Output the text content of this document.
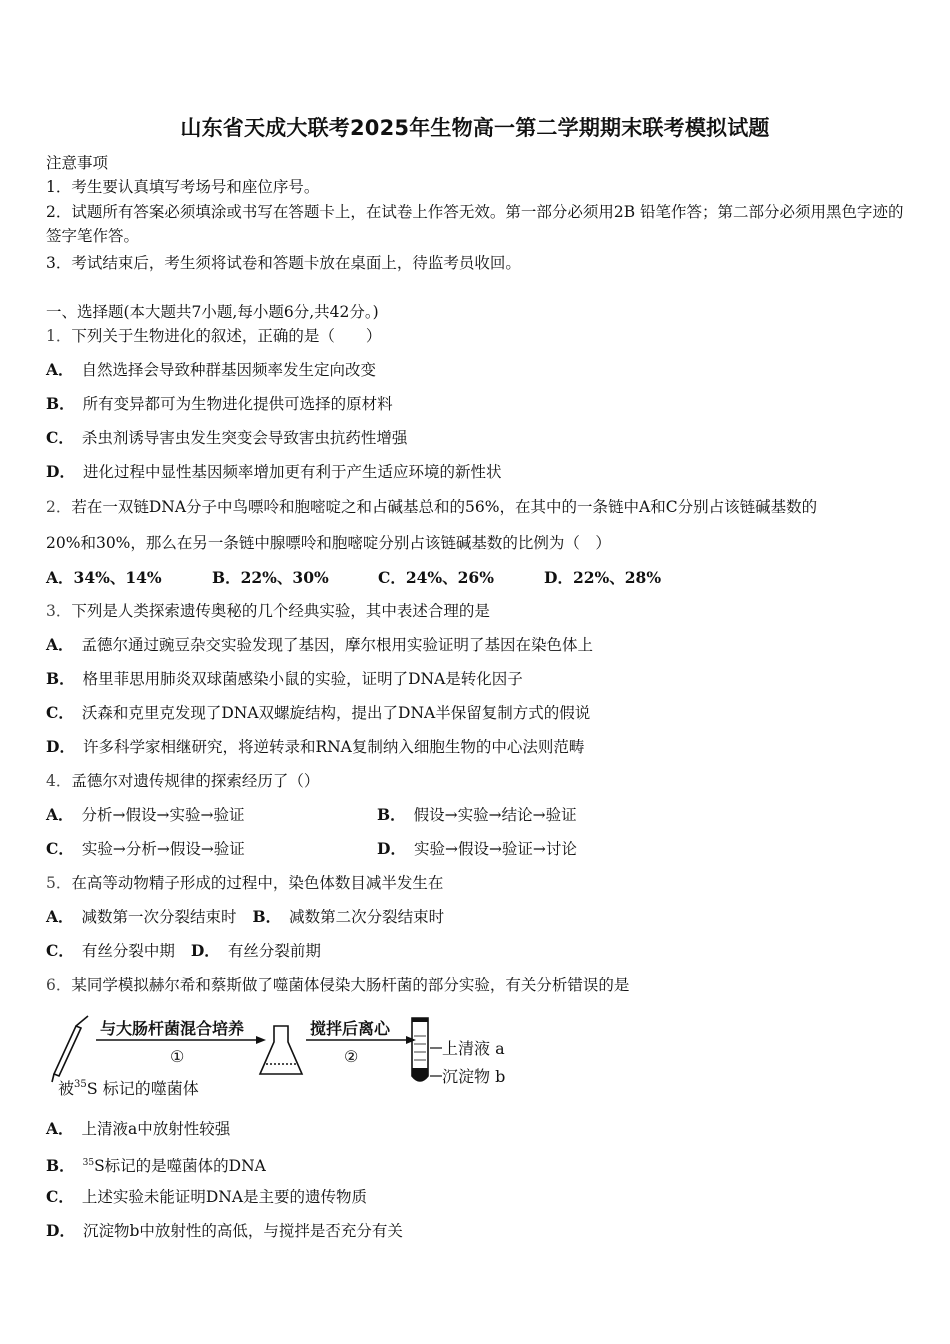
山东省天成大联考2025年生物高一第二学期期末联考模拟试题
注意事项
1．考生要认真填写考场号和座位序号。
2．试题所有答案必须填涂或书写在答题卡上，在试卷上作答无效。第一部分必须用2B 铅笔作答；第二部分必须用黑色字迹的签字笔作答。
3．考试结束后，考生须将试卷和答题卡放在桌面上，待监考员收回。
一、选择题(本大题共7小题,每小题6分,共42分。)
1．下列关于生物进化的叙述，正确的是（　　）
A． 自然选择会导致种群基因频率发生定向改变
B． 所有变异都可为生物进化提供可选择的原材料
C． 杀虫剂诱导害虫发生突变会导致害虫抗药性增强
D． 进化过程中显性基因频率增加更有利于产生适应环境的新性状
2．若在一双链DNA分子中鸟嘌呤和胞嘧啶之和占碱基总和的56%，在其中的一条链中A和C分别占该链碱基数的
20%和30%，那么在另一条链中腺嘌呤和胞嘧啶分别占该链碱基数的比例为（　）
A．34%、14%	B．22%、30%	C．24%、26%	D．22%、28%
3．下列是人类探索遗传奥秘的几个经典实验，其中表述合理的是
A． 孟德尔通过豌豆杂交实验发现了基因，摩尔根用实验证明了基因在染色体上
B． 格里菲思用肺炎双球菌感染小鼠的实验，证明了DNA是转化因子
C． 沃森和克里克发现了DNA双螺旋结构，提出了DNA半保留复制方式的假说
D． 许多科学家相继研究，将逆转录和RNA复制纳入细胞生物的中心法则范畴
4．孟德尔对遗传规律的探索经历了（）
A． 分析→假设→实验→验证	B． 假设→实验→结论→验证
C． 实验→分析→假设→验证	D． 实验→假设→验证→讨论
5．在高等动物精子形成的过程中，染色体数目减半发生在
A． 减数第一次分裂结束时 B． 减数第二次分裂结束时
C． 有丝分裂中期 D． 有丝分裂前期
6．某同学模拟赫尔希和蔡斯做了噬菌体侵染大肠杆菌的部分实验，有关分析错误的是
与大肠杆菌混合培养
①
搅拌后离心
②	上清液 a
沉淀物 b
被$^{35}$S 标记的噬菌体
A． 上清液a中放射性较强
B． $^{35}$S标记的是噬菌体的DNA
C． 上述实验未能证明DNA是主要的遗传物质
D． 沉淀物b中放射性的高低，与搅拌是否充分有关
